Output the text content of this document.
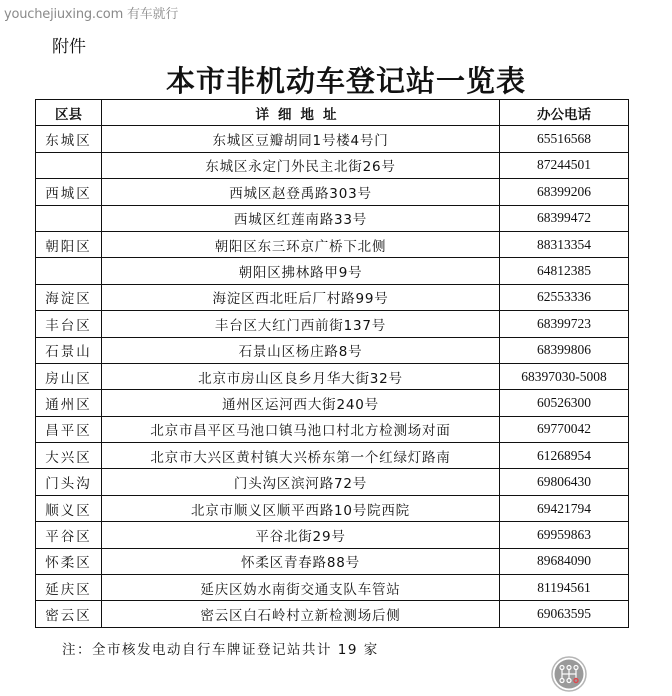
youchejiuxing.com 有车就行
附件
本市非机动车登记站一览表
区县	详细地址	办公电话
东城区	东城区豆瓣胡同1号楼4号门	65516568
	东城区永定门外民主北街26号	87244501
西城区	西城区赵登禹路303号	68399206
	西城区红莲南路33号	68399472
朝阳区	朝阳区东三环京广桥下北侧	88313354
	朝阳区拂林路甲9号	64812385
海淀区	海淀区西北旺后厂村路99号	62553336
丰台区	丰台区大红门西前街137号	68399723
石景山	石景山区杨庄路8号	68399806
房山区	北京市房山区良乡月华大街32号	68397030-5008
通州区	通州区运河西大街240号	60526300
昌平区	北京市昌平区马池口镇马池口村北方检测场对面	69770042
大兴区	北京市大兴区黄村镇大兴桥东第一个红绿灯路南	61268954
门头沟	门头沟区滨河路72号	69806430
顺义区	北京市顺义区顺平西路10号院西院	69421794
平谷区	平谷北街29号	69959863
怀柔区	怀柔区青春路88号	89684090
延庆区	延庆区妫水南街交通支队车管站	81194561
密云区	密云区白石岭村立新检测场后侧	69063595
注：全市核发电动自行车牌证登记站共计 19 家
